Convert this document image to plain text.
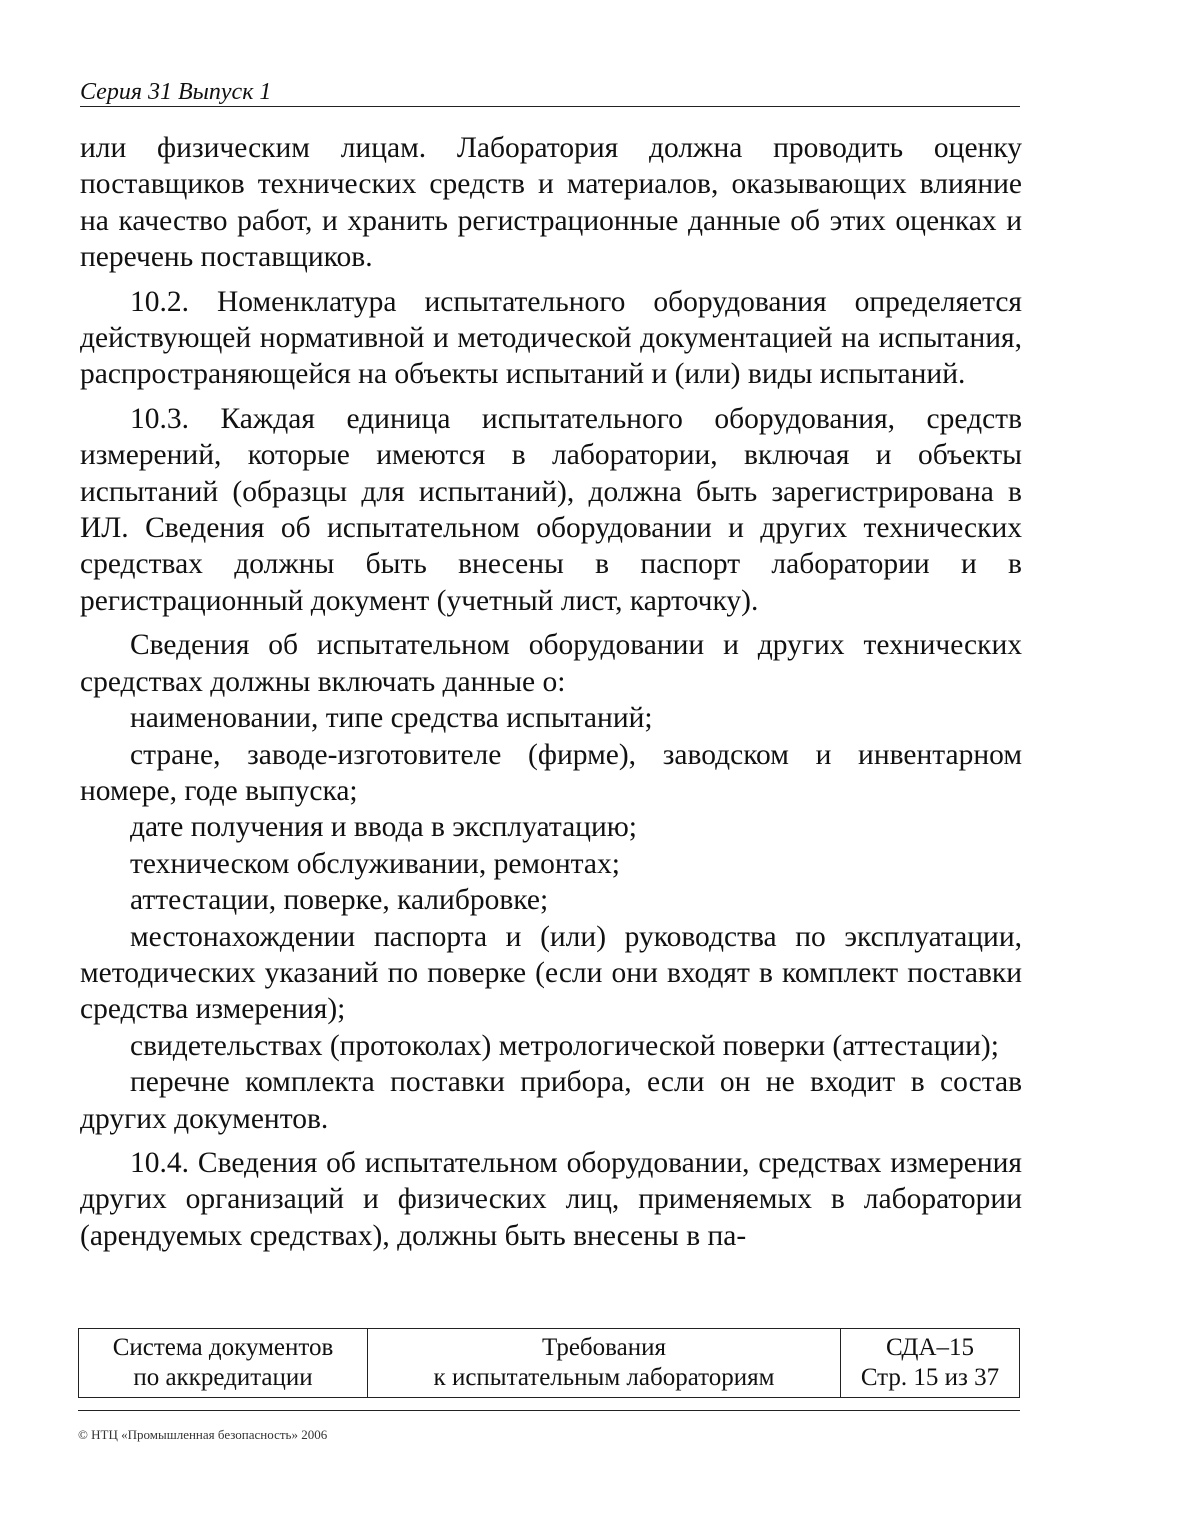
Серия 31 Выпуск 1

или физическим лицам. Лаборатория должна проводить оценку поставщиков технических средств и материалов, оказывающих влияние на качество работ, и хранить регистрационные данные об этих оценках и перечень поставщиков.

10.2. Номенклатура испытательного оборудования определяется действующей нормативной и методической документацией на испытания, распространяющейся на объекты испытаний и (или) виды испытаний.

10.3. Каждая единица испытательного оборудования, средств измерений, которые имеются в лаборатории, включая и объекты испытаний (образцы для испытаний), должна быть зарегистрирована в ИЛ. Сведения об испытательном оборудовании и других технических средствах должны быть внесены в паспорт лаборатории и в регистрационный документ (учетный лист, карточку).

Сведения об испытательном оборудовании и других технических средствах должны включать данные о:

наименовании, типе средства испытаний;

стране, заводе-изготовителе (фирме), заводском и инвентарном номере, годе выпуска;

дате получения и ввода в эксплуатацию;

техническом обслуживании, ремонтах;

аттестации, поверке, калибровке;

местонахождении паспорта и (или) руководства по эксплуатации, методических указаний по поверке (если они входят в комплект поставки средства измерения);

свидетельствах (протоколах) метрологической поверки (аттестации);

перечне комплекта поставки прибора, если он не входит в состав других документов.

10.4. Сведения об испытательном оборудовании, средствах измерения других организаций и физических лиц, применяемых в лаборатории (арендуемых средствах), должны быть внесены в па-

Система документов
по аккредитации

Требования
к испытательным лабораториям

СДА–15
Стр. 15 из 37
© НТЦ «Промышленная безопасность» 2006
